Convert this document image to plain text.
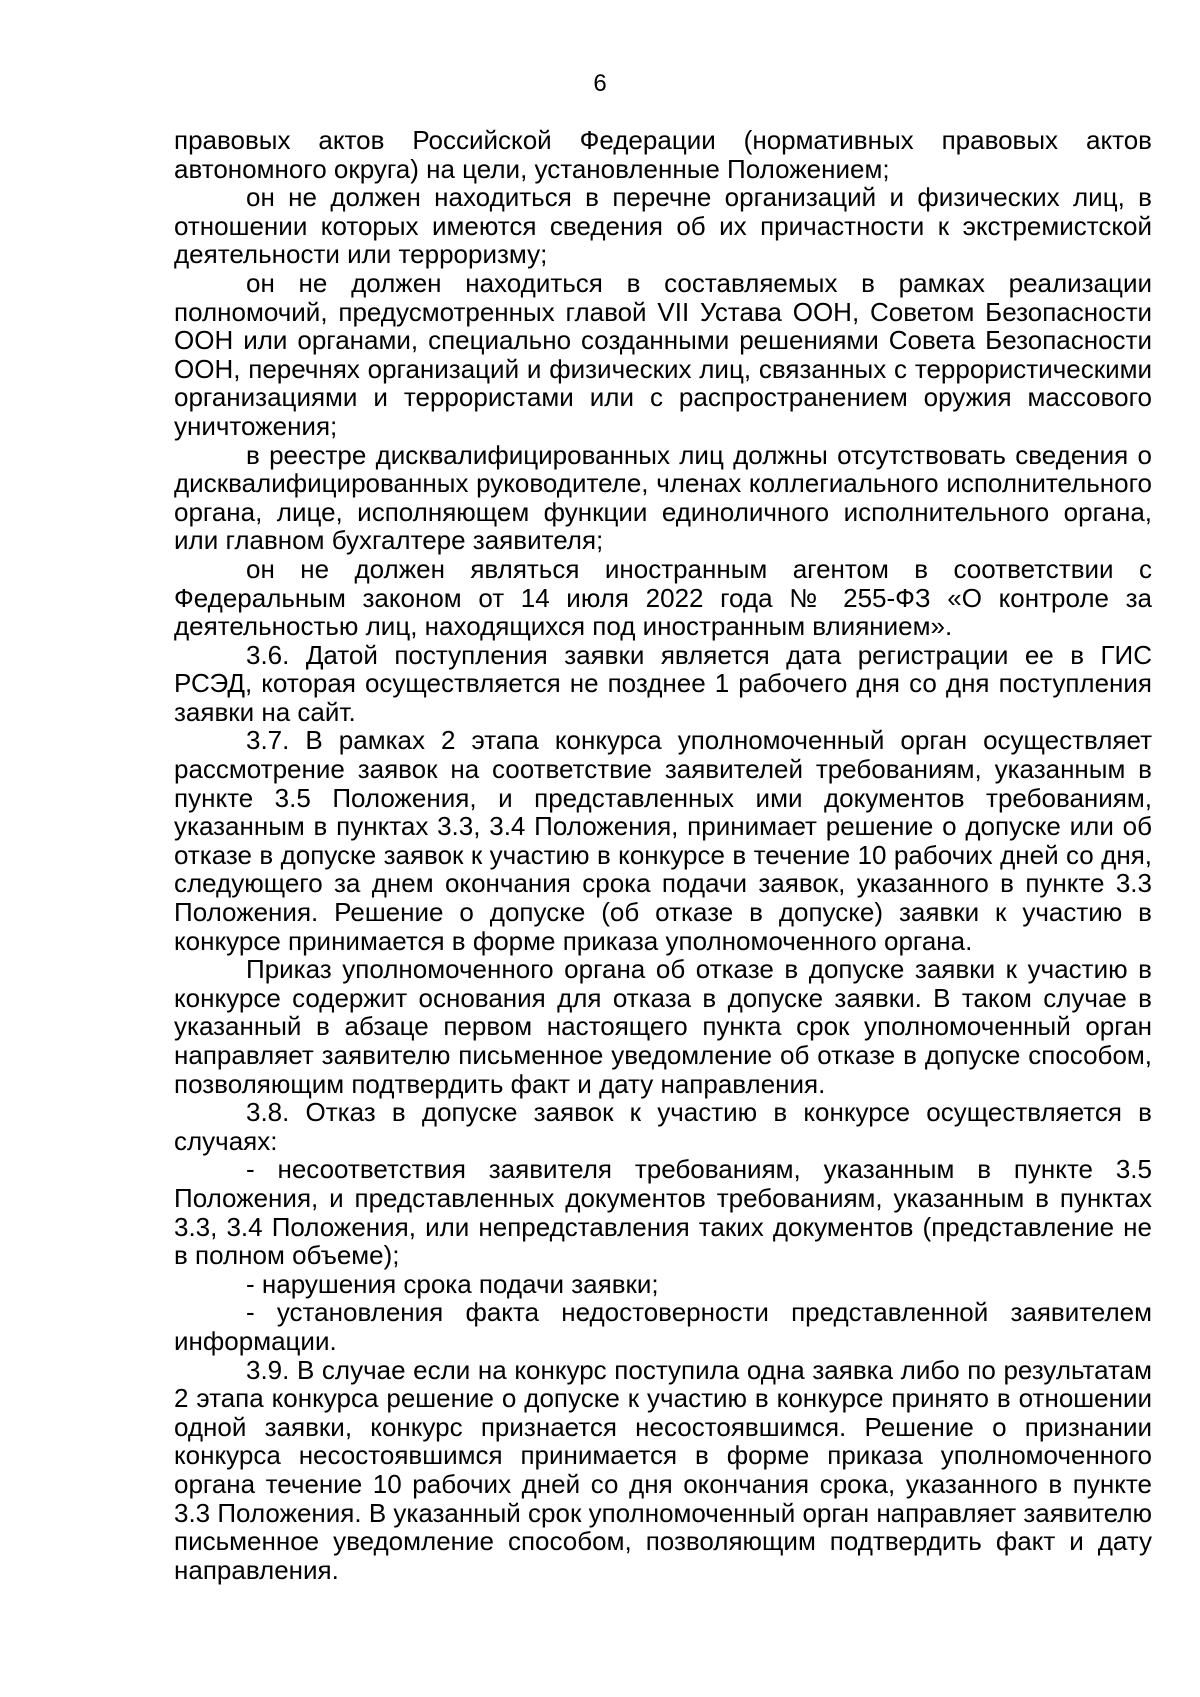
6

правовых актов Российской Федерации (нормативных правовых актов автономного округа) на цели, установленные Положением;

он не должен находиться в перечне организаций и физических лиц, в отношении которых имеются сведения об их причастности к экстремистской деятельности или терроризму;

он не должен находиться в составляемых в рамках реализации полномочий, предусмотренных главой VII Устава ООН, Советом Безопасности ООН или органами, специально созданными решениями Совета Безопасности ООН, перечнях организаций и физических лиц, связанных с террористическими организациями и террористами или с распространением оружия массового уничтожения;

в реестре дисквалифицированных лиц должны отсутствовать сведения о дисквалифицированных руководителе, членах коллегиального исполнительного органа, лице, исполняющем функции единоличного исполнительного органа, или главном бухгалтере заявителя;

он не должен являться иностранным агентом в соответствии с Федеральным законом от 14 июля 2022 года № 255-ФЗ «О контроле за деятельностью лиц, находящихся под иностранным влиянием».

3.6. Датой поступления заявки является дата регистрации ее в ГИС РСЭД, которая осуществляется не позднее 1 рабочего дня со дня поступления заявки на сайт.

3.7. В рамках 2 этапа конкурса уполномоченный орган осуществляет рассмотрение заявок на соответствие заявителей требованиям, указанным в пункте 3.5 Положения, и представленных ими документов требованиям, указанным в пунктах 3.3, 3.4 Положения, принимает решение о допуске или об отказе в допуске заявок к участию в конкурсе в течение 10 рабочих дней со дня, следующего за днем окончания срока подачи заявок, указанного в пункте 3.3 Положения. Решение о допуске (об отказе в допуске) заявки к участию в конкурсе принимается в форме приказа уполномоченного органа.

Приказ уполномоченного органа об отказе в допуске заявки к участию в конкурсе содержит основания для отказа в допуске заявки. В таком случае в указанный в абзаце первом настоящего пункта срок уполномоченный орган направляет заявителю письменное уведомление об отказе в допуске способом, позволяющим подтвердить факт и дату направления.

3.8. Отказ в допуске заявок к участию в конкурсе осуществляется в случаях:

- несоответствия заявителя требованиям, указанным в пункте 3.5 Положения, и представленных документов требованиям, указанным в пунктах 3.3, 3.4 Положения, или непредставления таких документов (представление не в полном объеме);

- нарушения срока подачи заявки;

- установления факта недостоверности представленной заявителем информации.

3.9. В случае если на конкурс поступила одна заявка либо по результатам 2 этапа конкурса решение о допуске к участию в конкурсе принято в отношении одной заявки, конкурс признается несостоявшимся. Решение о признании конкурса несостоявшимся принимается в форме приказа уполномоченного органа течение 10 рабочих дней со дня окончания срока, указанного в пункте 3.3 Положения. В указанный срок уполномоченный орган направляет заявителю письменное уведомление способом, позволяющим подтвердить факт и дату направления.
